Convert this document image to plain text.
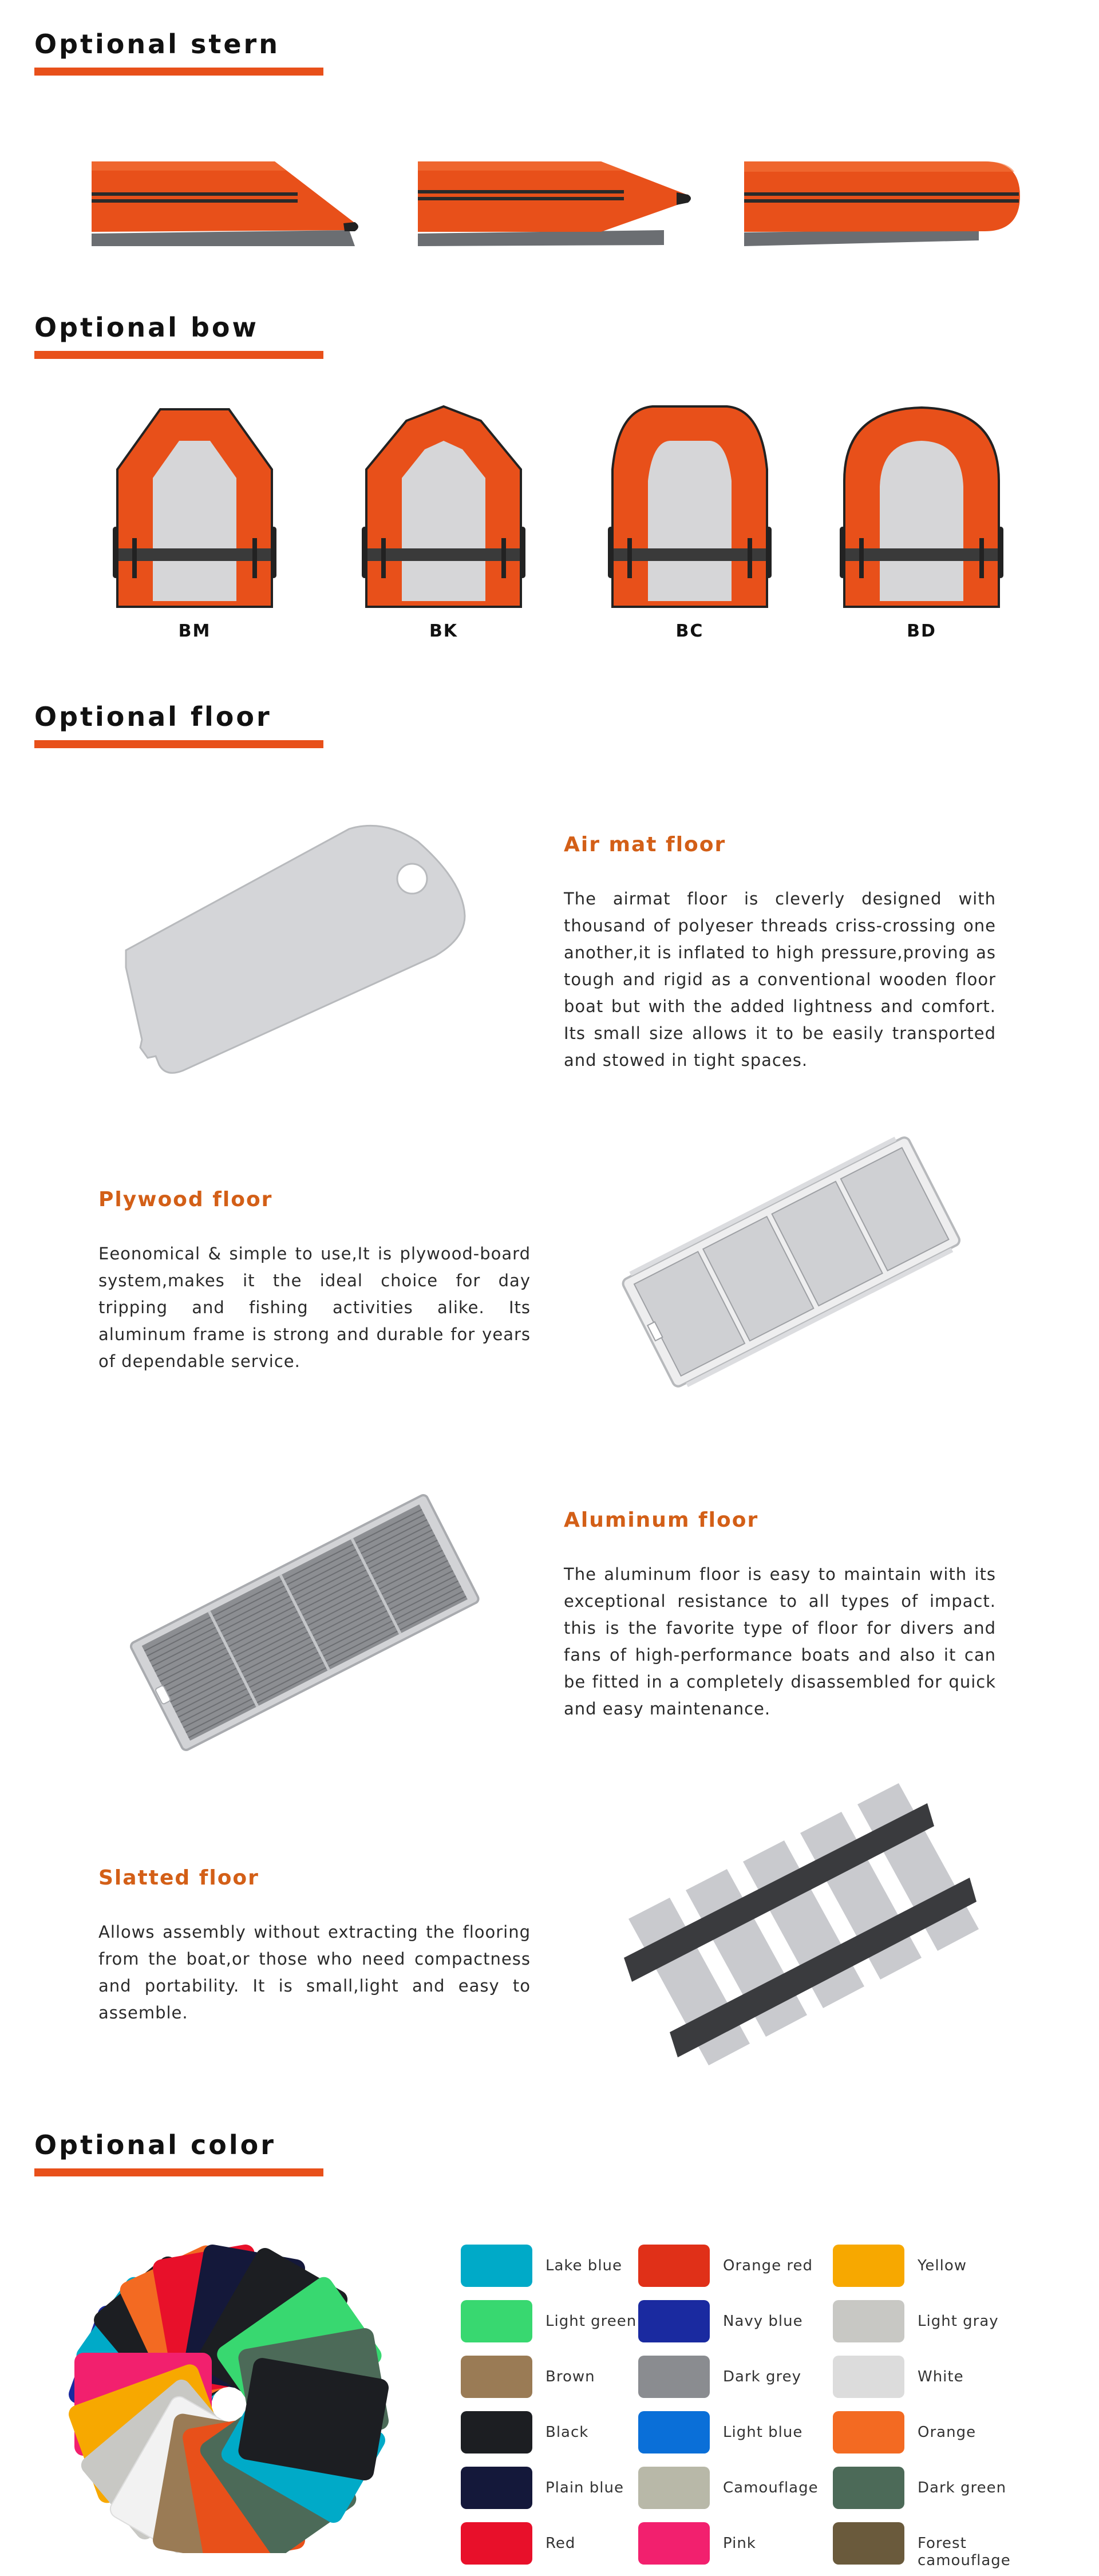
Optional stern
Optional bow
BM	BK	BC	BD
Optional floor

Air mat floor

The airmat floor is cleverly designed with thousand of polyeser threads criss-crossing one another,it is inflated to high pressure,proving as tough and rigid as a conventional wooden floor boat but with the added lightness and comfort. Its small size allows it to be easily transported and stowed in tight spaces.

Plywood floor

Eeonomical & simple to use,It is plywood-board system,makes it the ideal choice for day tripping and fishing activities alike. Its aluminum frame is strong and durable for years of dependable service.

Aluminum floor

The aluminum floor is easy to maintain with its exceptional resistance to all types of impact. this is the favorite type of floor for divers and fans of high-performance boats and also it can be fitted in a completely disassembled for quick and easy maintenance.

Slatted floor

Allows assembly without extracting the flooring from the boat,or those who need compactness and portability. It is small,light and easy to assemble.

Optional color
Lake blue	Orange red	Yellow
Light green	Navy blue	Light gray
Brown	Dark grey	White
Black	Light blue	Orange
Plain blue	Camouflage	Dark green
Red	Pink	Forest camouflage
